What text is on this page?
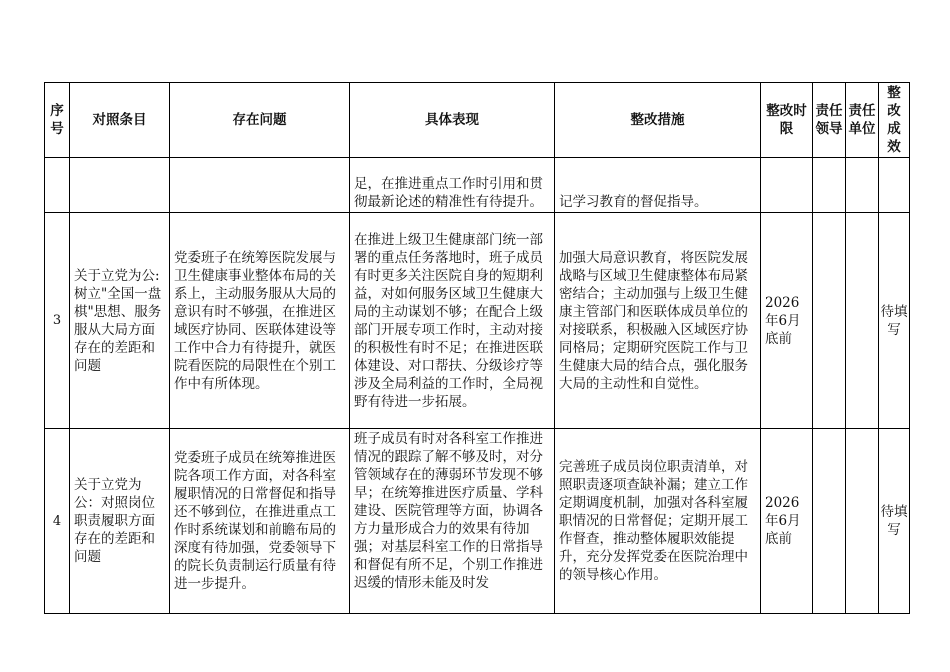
序号	对照条目	存在问题	具体表现	整改措施	整改时限	责任领导	责任单位	整改成效
			足，在推进重点工作时引用和贯彻最新论述的精准性有待提升。	记学习教育的督促指导。				
3	关于立党为公:树立"全国一盘棋"思想、服务服从大局方面存在的差距和问题	党委班子在统筹医院发展与卫生健康事业整体布局的关系上，主动服务服从大局的意识有时不够强，在推进区域医疗协同、医联体建设等工作中合力有待提升，就医院看医院的局限性在个别工作中有所体现。	在推进上级卫生健康部门统一部署的重点任务落地时，班子成员有时更多关注医院自身的短期利益，对如何服务区域卫生健康大局的主动谋划不够；在配合上级部门开展专项工作时，主动对接的积极性有时不足；在推进医联体建设、对口帮扶、分级诊疗等涉及全局利益的工作时，全局视野有待进一步拓展。	加强大局意识教育，将医院发展战略与区域卫生健康整体布局紧密结合；主动加强与上级卫生健康主管部门和医联体成员单位的对接联系，积极融入区域医疗协同格局；定期研究医院工作与卫生健康大局的结合点，强化服务大局的主动性和自觉性。	2026年6月底前			待填写
4	关于立党为公：对照岗位职责履职方面存在的差距和问题	党委班子成员在统筹推进医院各项工作方面，对各科室履职情况的日常督促和指导还不够到位，在推进重点工作时系统谋划和前瞻布局的深度有待加强，党委领导下的院长负责制运行质量有待进一步提升。	班子成员有时对各科室工作推进情况的跟踪了解不够及时，对分管领域存在的薄弱环节发现不够早；在统筹推进医疗质量、学科建设、医院管理等方面，协调各方力量形成合力的效果有待加强；对基层科室工作的日常指导和督促有所不足，个别工作推进迟缓的情形未能及时发	完善班子成员岗位职责清单，对照职责逐项查缺补漏；建立工作定期调度机制，加强对各科室履职情况的日常督促；定期开展工作督查，推动整体履职效能提升，充分发挥党委在医院治理中的领导核心作用。	2026年6月底前			待填写
